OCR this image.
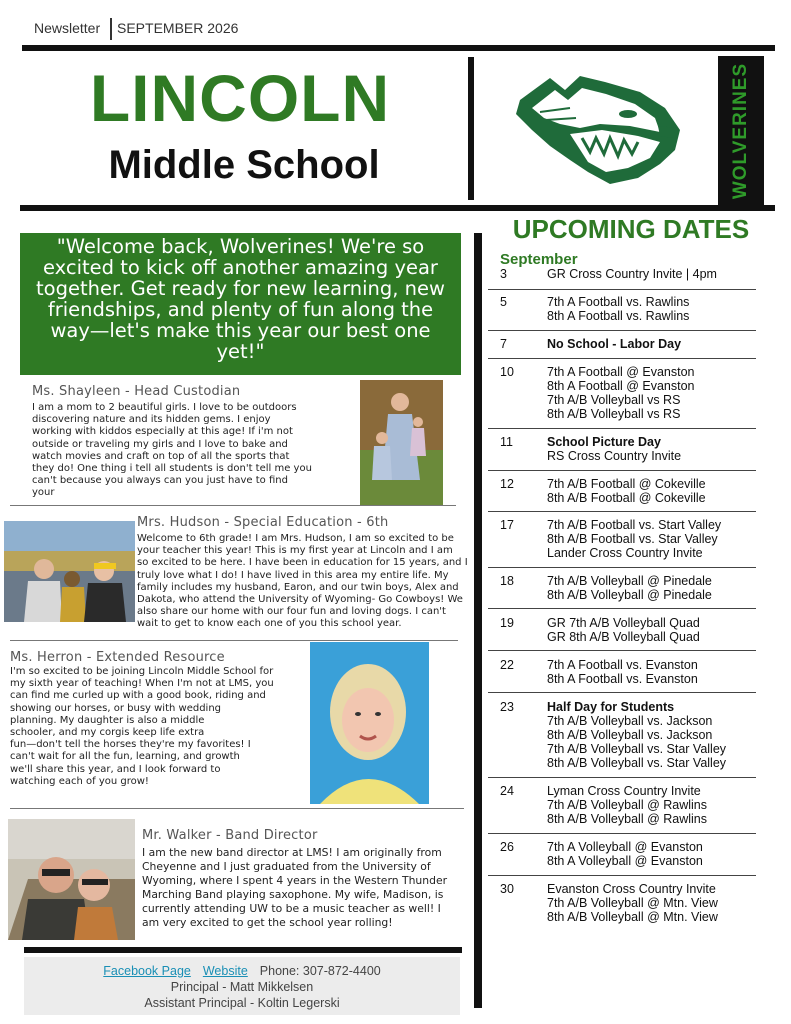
Newsletter SEPTEMBER 2026
LINCOLN
Middle School	WOLVERINES
"Welcome back, Wolverines! We're so excited to kick off another amazing year together. Get ready for new learning, new friendships, and plenty of fun along the way—let's make this year our best one yet!"
Ms. Shayleen - Head Custodian
I am a mom to 2 beautiful girls. I love to be outdoors
discovering nature and its hidden gems. I enjoy
working with kiddos especially at this age! If i'm not
outside or traveling my girls and I love to bake and
watch movies and craft on top of all the sports that
they do! One thing i tell all students is don't tell me you
can't because you always can you just have to find
your
Mrs. Hudson - Special Education - 6th
Welcome to 6th grade! I am Mrs. Hudson, I am so excited to be
your teacher this year! This is my first year at Lincoln and I am
so excited to be here. I have been in education for 15 years, and I
truly love what I do! I have lived in this area my entire life. My
family includes my husband, Earon, and our twin boys, Alex and
Dakota, who attend the University of Wyoming- Go Cowboys! We
also share our home with our four fun and loving dogs. I can't
wait to get to know each one of you this school year.
Ms. Herron - Extended Resource
I'm so excited to be joining Lincoln Middle School for
my sixth year of teaching! When I'm not at LMS, you
can find me curled up with a good book, riding and
showing our horses, or busy with wedding
planning. My daughter is also a middle
schooler, and my corgis keep life extra
fun—don't tell the horses they're my favorites! I
can't wait for all the fun, learning, and growth
we'll share this year, and I look forward to
watching each of you grow!
Mr. Walker - Band Director
I am the new band director at LMS! I am originally from
Cheyenne and I just graduated from the University of
Wyoming, where I spent 4 years in the Western Thunder
Marching Band playing saxophone. My wife, Madison, is
currently attending UW to be a music teacher as well! I
am very excited to get the school year rolling!
UPCOMING DATES
September
3	GR Cross Country Invite | 4pm
5	7th A Football vs. Rawlins
8th A Football vs. Rawlins
7	No School - Labor Day
10	7th A Football @ Evanston
8th A Football @ Evanston
7th A/B Volleyball vs RS
8th A/B Volleyball vs RS
11	School Picture Day
RS Cross Country Invite
12	7th A/B Football @ Cokeville
8th A/B Football @ Cokeville
17	7th A/B Football vs. Start Valley
8th A/B Football vs. Star Valley
Lander Cross Country Invite
18	7th A/B Volleyball @ Pinedale
8th A/B Volleyball @ Pinedale
19	GR 7th A/B Volleyball Quad
GR 8th A/B Volleyball Quad
22	7th A Football vs. Evanston
8th A Football vs. Evanston
23	Half Day for Students
7th A/B Volleyball vs. Jackson
8th A/B Volleyball vs. Jackson
7th A/B Volleyball vs. Star Valley
8th A/B Volleyball vs. Star Valley
24	Lyman Cross Country Invite
7th A/B Volleyball @ Rawlins
8th A/B Volleyball @ Rawlins
26	7th A Volleyball @ Evanston
8th A Volleyball @ Evanston
30	Evanston Cross Country Invite
7th A/B Volleyball @ Mtn. View
8th A/B Volleyball @ Mtn. View
Facebook Page Website Phone: 307-872-4400
Principal - Matt Mikkelsen
Assistant Principal - Koltin Legerski
